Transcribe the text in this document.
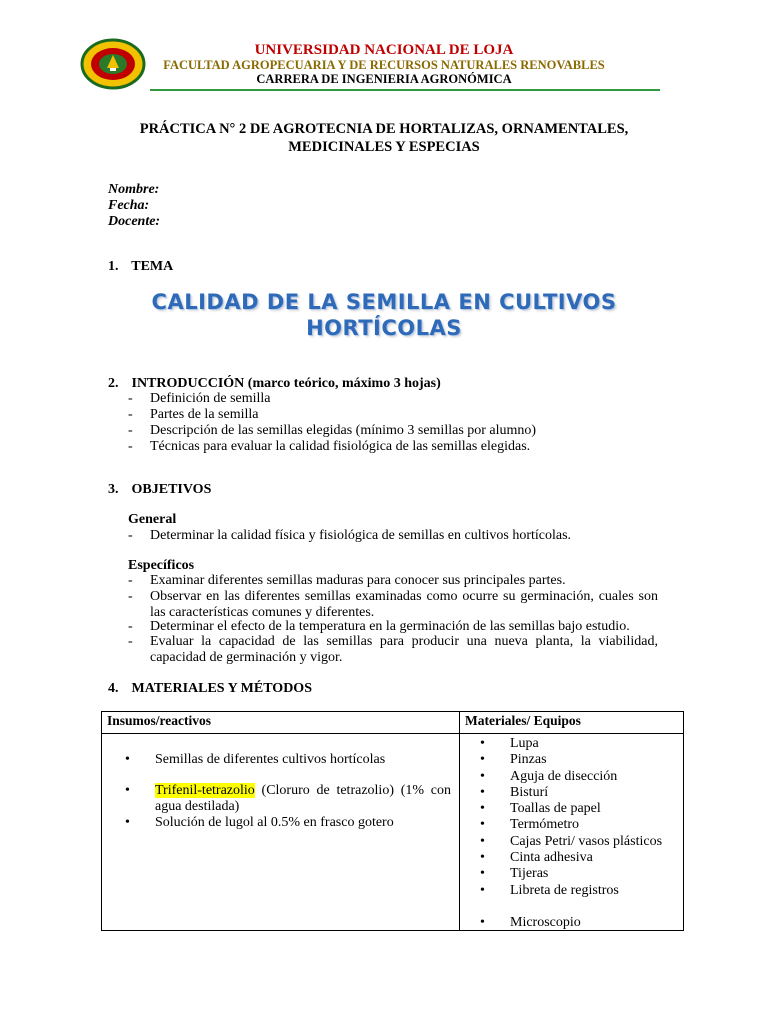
UNIVERSIDAD NACIONAL DE LOJA
FACULTAD AGROPECUARIA Y DE RECURSOS NATURALES RENOVABLES
CARRERA DE INGENIERIA AGRONÓMICA
PRÁCTICA N° 2 DE AGROTECNIA DE HORTALIZAS, ORNAMENTALES,
MEDICINALES Y ESPECIAS
Nombre:
Fecha:
Docente:
1. TEMA
CALIDAD DE LA SEMILLA EN CULTIVOS
HORTÍCOLAS
2. INTRODUCCIÓN (marco teórico, máximo 3 hojas)
- Definición de semilla
- Partes de la semilla
- Descripción de las semillas elegidas (mínimo 3 semillas por alumno)
- Técnicas para evaluar la calidad fisiológica de las semillas elegidas.
3. OBJETIVOS
General
- Determinar la calidad física y fisiológica de semillas en cultivos hortícolas.
Específicos
- Examinar diferentes semillas maduras para conocer sus principales partes.
- Observar en las diferentes semillas examinadas como ocurre su germinación, cuales son las características comunes y diferentes.
- Determinar el efecto de la temperatura en la germinación de las semillas bajo estudio.
- Evaluar la capacidad de las semillas para producir una nueva planta, la viabilidad, capacidad de germinación y vigor.
4. MATERIALES Y MÉTODOS
Insumos/reactivos	Materiales/ Equipos
• Semillas de diferentes cultivos hortícolas
•	Trifenil-tetrazolio (Cloruro de tetrazolio) (1% con agua destilada)
• Solución de lugol al 0.5% en frasco gotero
• Lupa
• Pinzas
• Aguja de disección
• Bisturí
• Toallas de papel
• Termómetro
• Cajas Petri/ vasos plásticos
• Cinta adhesiva
• Tijeras
• Libreta de registros
• Microscopio
